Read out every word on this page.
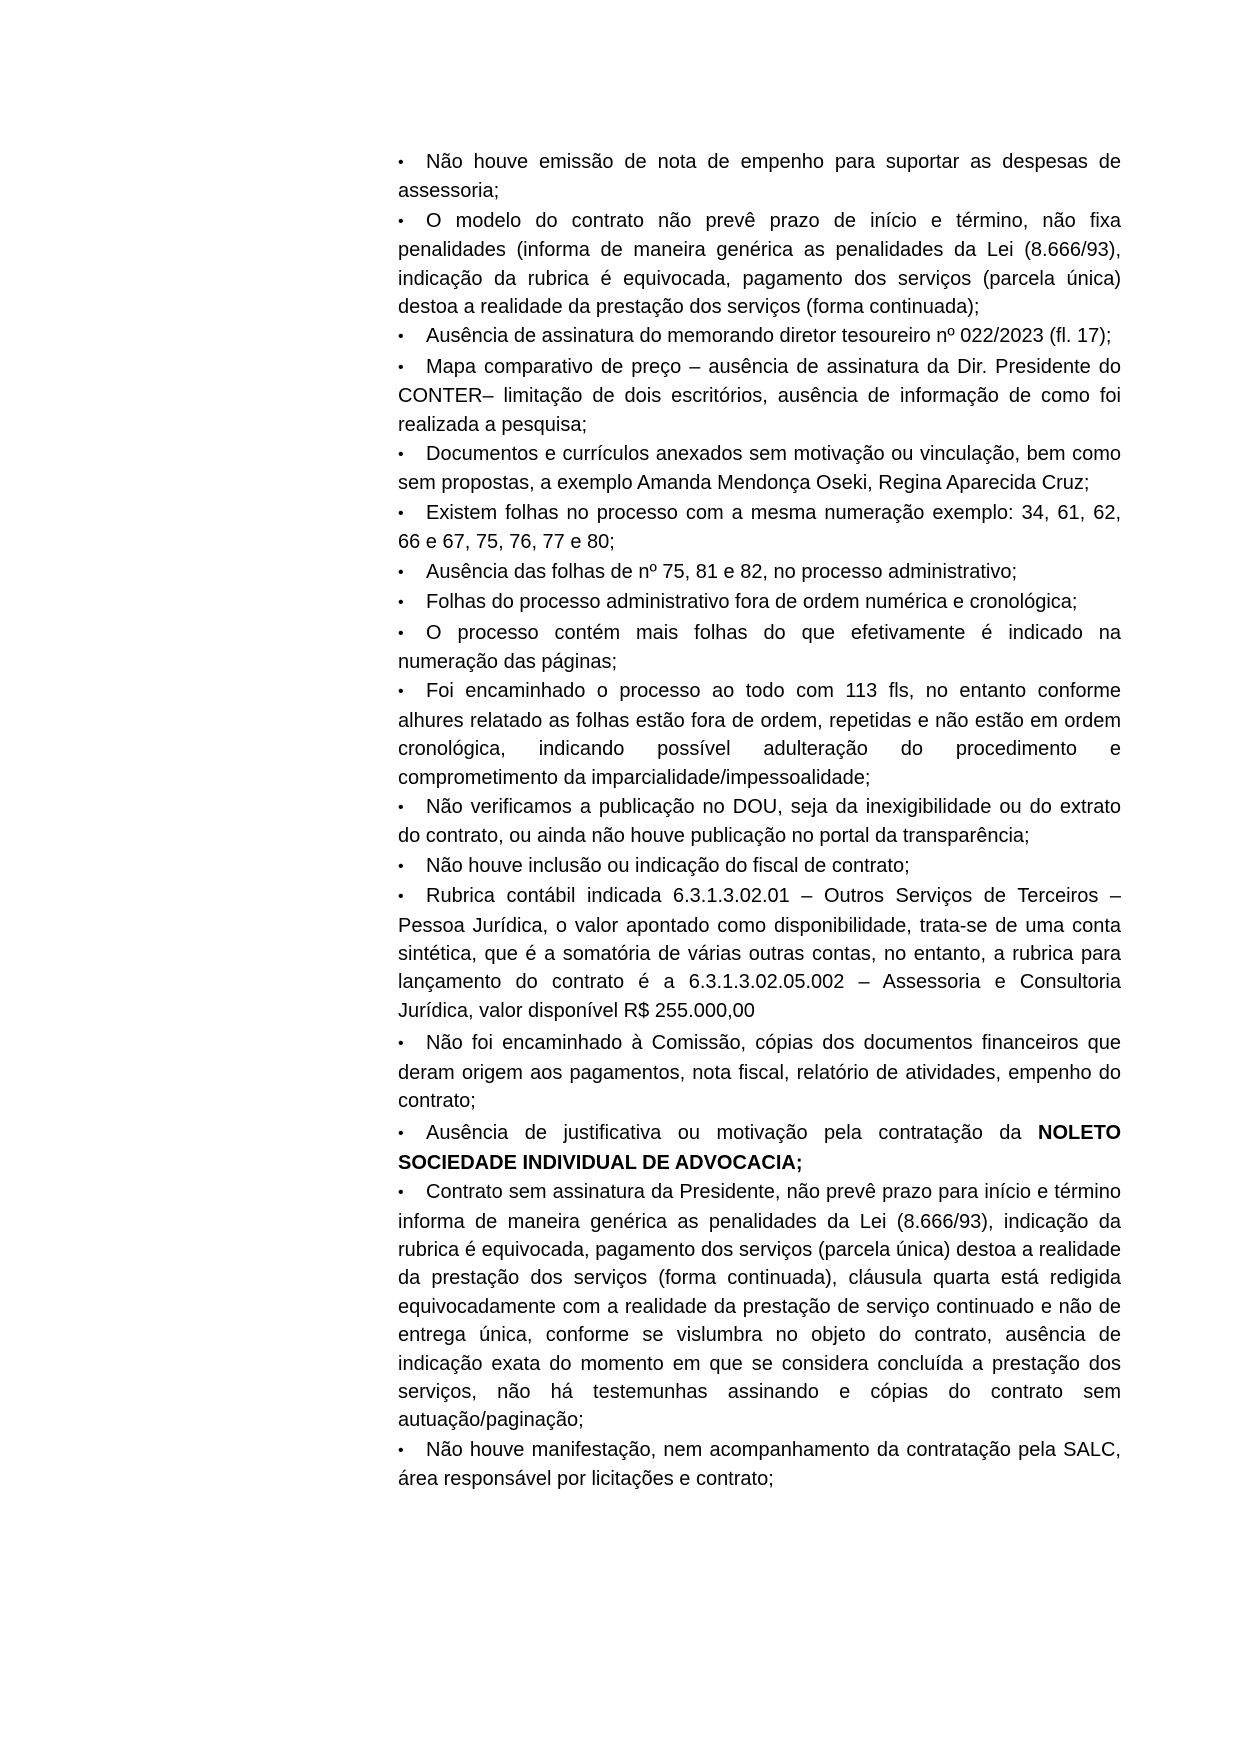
• Não houve emissão de nota de empenho para suportar as despesas de assessoria;

• O modelo do contrato não prevê prazo de início e término, não fixa penalidades (informa de maneira genérica as penalidades da Lei (8.666/93), indicação da rubrica é equivocada, pagamento dos serviços (parcela única) destoa a realidade da prestação dos serviços (forma continuada);

• Ausência de assinatura do memorando diretor tesoureiro nº 022/2023 (fl. 17);

• Mapa comparativo de preço – ausência de assinatura da Dir. Presidente do CONTER– limitação de dois escritórios, ausência de informação de como foi realizada a pesquisa;

• Documentos e currículos anexados sem motivação ou vinculação, bem como sem propostas, a exemplo Amanda Mendonça Oseki, Regina Aparecida Cruz;

• Existem folhas no processo com a mesma numeração exemplo: 34, 61, 62, 66 e 67, 75, 76, 77 e 80;

• Ausência das folhas de nº 75, 81 e 82, no processo administrativo;

• Folhas do processo administrativo fora de ordem numérica e cronológica;

• O processo contém mais folhas do que efetivamente é indicado na numeração das páginas;

• Foi encaminhado o processo ao todo com 113 fls, no entanto conforme alhures relatado as folhas estão fora de ordem, repetidas e não estão em ordem cronológica, indicando possível adulteração do procedimento e comprometimento da imparcialidade/impessoalidade;

• Não verificamos a publicação no DOU, seja da inexigibilidade ou do extrato do contrato, ou ainda não houve publicação no portal da transparência;

• Não houve inclusão ou indicação do fiscal de contrato;

• Rubrica contábil indicada 6.3.1.3.02.01 – Outros Serviços de Terceiros – Pessoa Jurídica, o valor apontado como disponibilidade, trata-se de uma conta sintética, que é a somatória de várias outras contas, no entanto, a rubrica para lançamento do contrato é a 6.3.1.3.02.05.002 – Assessoria e Consultoria Jurídica, valor disponível R$ 255.000,00

• Não foi encaminhado à Comissão, cópias dos documentos financeiros que deram origem aos pagamentos, nota fiscal, relatório de atividades, empenho do contrato;

• Ausência de justificativa ou motivação pela contratação da NOLETO SOCIEDADE INDIVIDUAL DE ADVOCACIA;

• Contrato sem assinatura da Presidente, não prevê prazo para início e término informa de maneira genérica as penalidades da Lei (8.666/93), indicação da rubrica é equivocada, pagamento dos serviços (parcela única) destoa a realidade da prestação dos serviços (forma continuada), cláusula quarta está redigida equivocadamente com a realidade da prestação de serviço continuado e não de entrega única, conforme se vislumbra no objeto do contrato, ausência de indicação exata do momento em que se considera concluída a prestação dos serviços, não há testemunhas assinando e cópias do contrato sem autuação/paginação;

• Não houve manifestação, nem acompanhamento da contratação pela SALC, área responsável por licitações e contrato;
